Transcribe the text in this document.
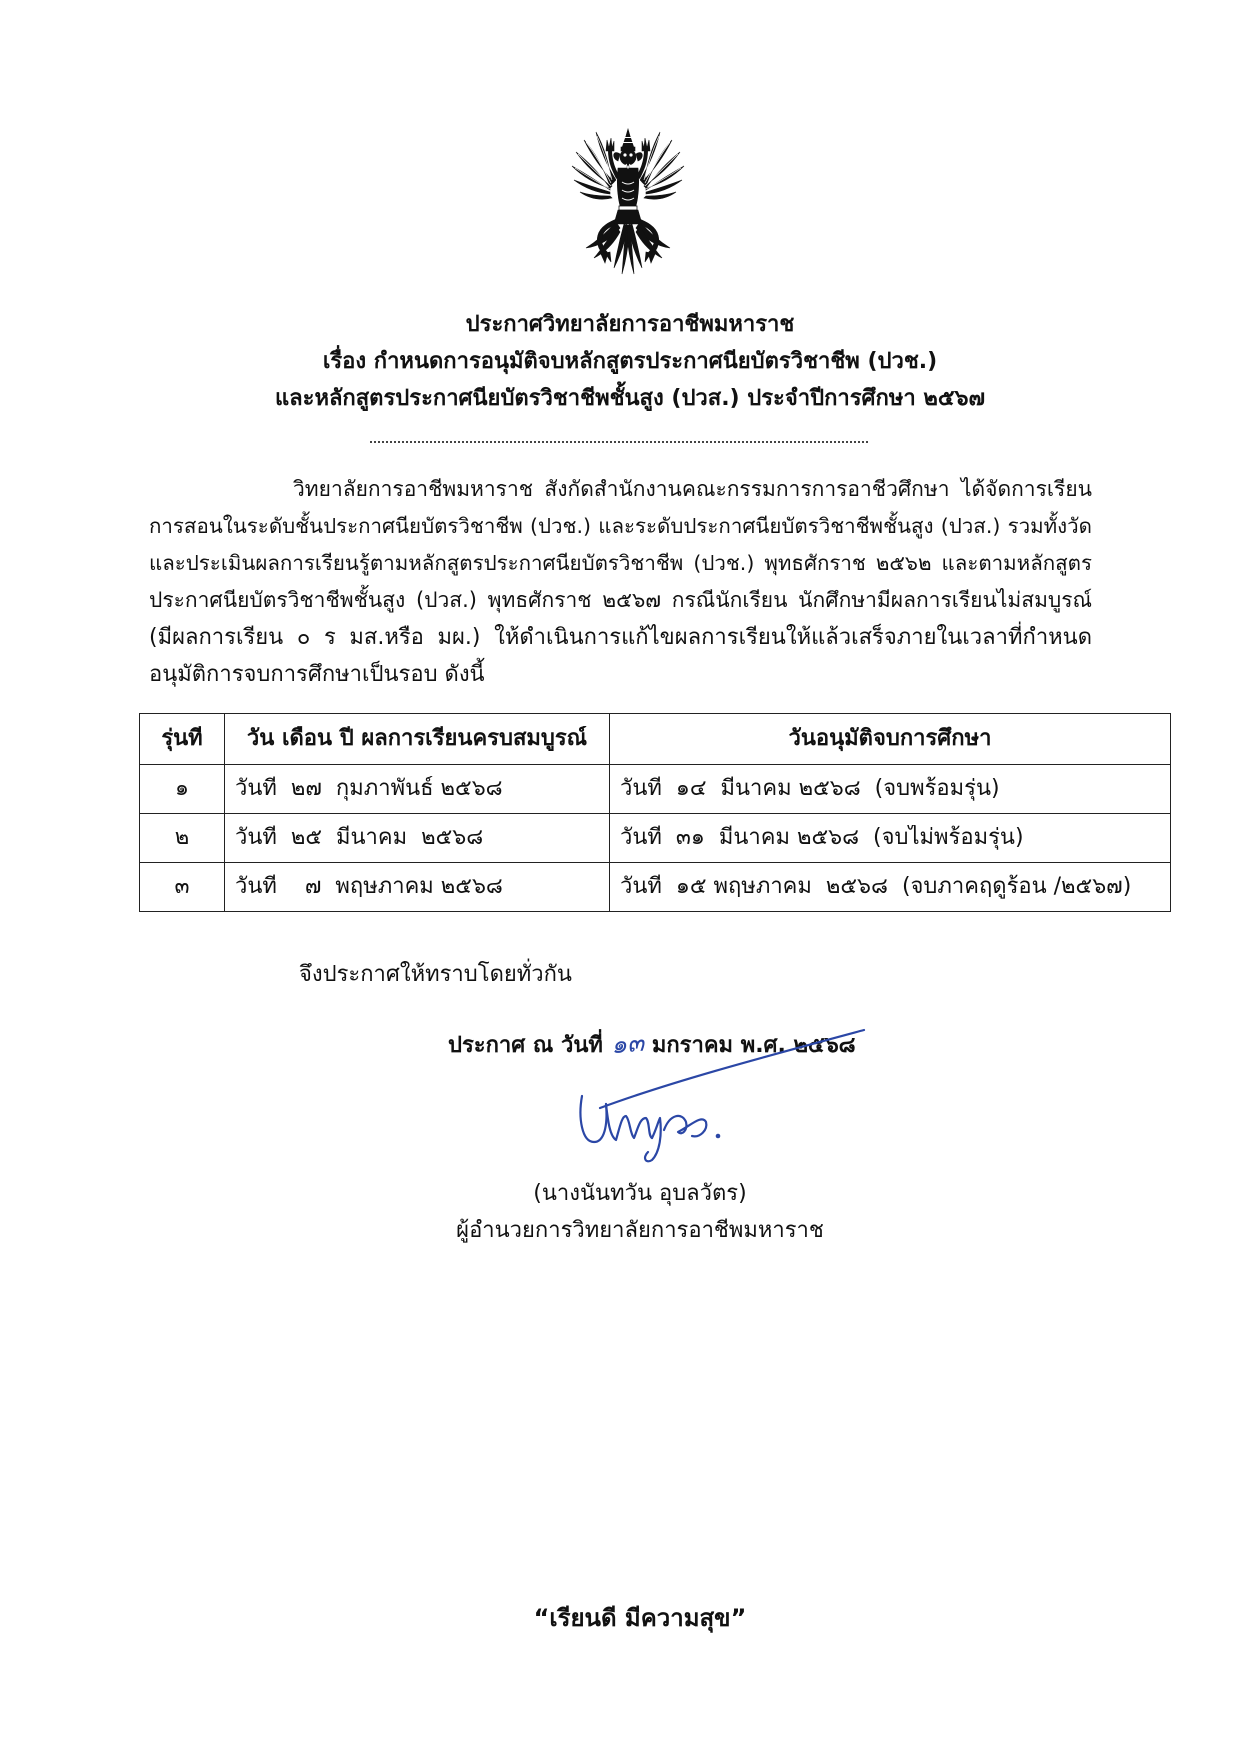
ประกาศวิทยาลัยการอาชีพมหาราช
เรื่อง กำหนดการอนุมัติจบหลักสูตรประกาศนียบัตรวิชาชีพ (ปวช.)
และหลักสูตรประกาศนียบัตรวิชาชีพชั้นสูง (ปวส.) ประจำปีการศึกษา ๒๕๖๗
วิทยาลัยการอาชีพมหาราช สังกัดสำนักงานคณะกรรมการการอาชีวศึกษา ได้จัดการเรียน
การสอนในระดับชั้นประกาศนียบัตรวิชาชีพ (ปวช.) และระดับประกาศนียบัตรวิชาชีพชั้นสูง (ปวส.) รวมทั้งวัด
และประเมินผลการเรียนรู้ตามหลักสูตรประกาศนียบัตรวิชาชีพ (ปวช.) พุทธศักราช ๒๕๖๒ และตามหลักสูตร
ประกาศนียบัตรวิชาชีพชั้นสูง (ปวส.) พุทธศักราช ๒๕๖๗ กรณีนักเรียน นักศึกษามีผลการเรียนไม่สมบูรณ์
(มีผลการเรียน ๐ ร มส.หรือ มผ.) ให้ดำเนินการแก้ไขผลการเรียนให้แล้วเสร็จภายในเวลาที่กำหนด
อนุมัติการจบการศึกษาเป็นรอบ ดังนี้
รุ่นที่	วัน เดือน ปี ผลการเรียนครบสมบูรณ์	วันอนุมัติจบการศึกษา

๑	วันที่  ๒๗  กุมภาพันธ์ ๒๕๖๘	วันที่  ๑๔  มีนาคม ๒๕๖๘  (จบพร้อมรุ่น)

๒	วันที่  ๒๕  มีนาคม  ๒๕๖๘	วันที่  ๓๑  มีนาคม ๒๕๖๘  (จบไม่พร้อมรุ่น)

๓	วันที่    ๗  พฤษภาคม ๒๕๖๘	วันที่  ๑๕ พฤษภาคม  ๒๕๖๘  (จบภาคฤดูร้อน /๒๕๖๗)
จึงประกาศให้ทราบโดยทั่วกัน
ประกาศ ณ วันที่ ๑๓ มกราคม พ.ศ. ๒๕๖๘
(นางนันทวัน อุบลวัตร)
ผู้อำนวยการวิทยาลัยการอาชีพมหาราช
“เรียนดี มีความสุข”
